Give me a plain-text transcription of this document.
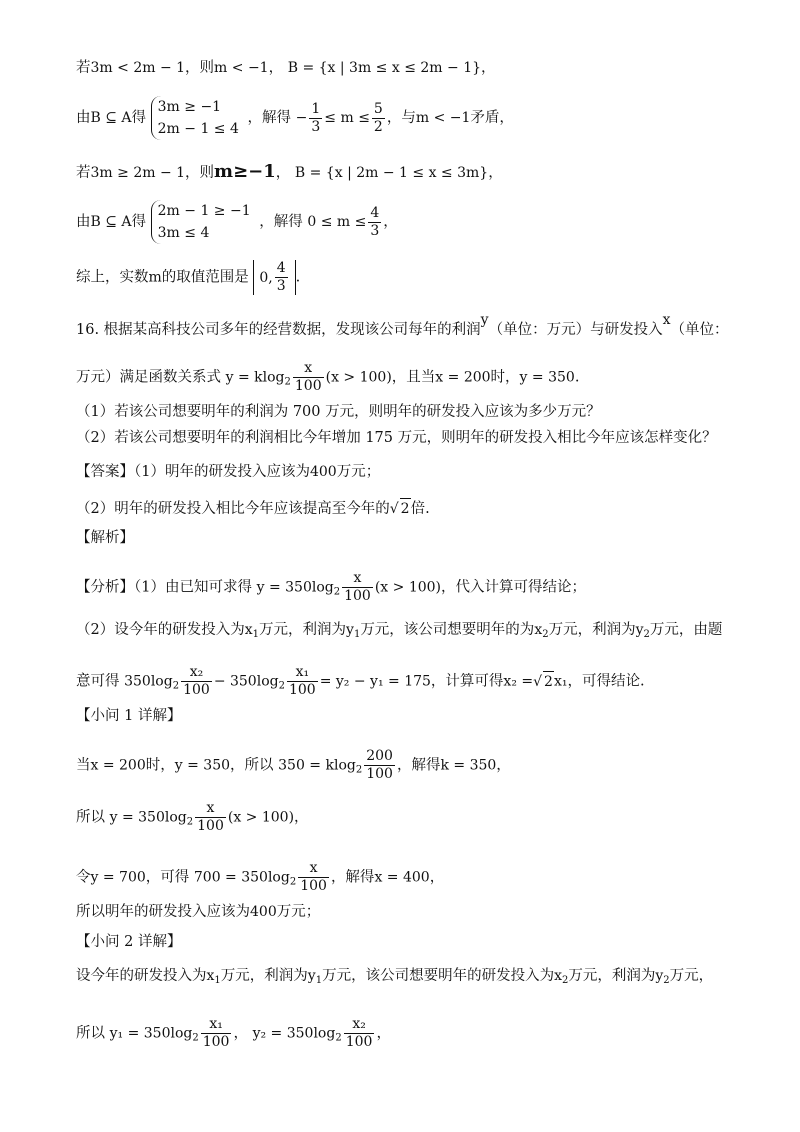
若3m < 2m − 1，则m < −1， B = {x | 3m ≤ x ≤ 2m − 1}，
由B ⊆ A得 3m ≥ −1
2m − 1 ≤ 4 ，解得 − $\frac{1}{3} \le m \le \frac{5}{2}$ ，与m < −1矛盾，
若3m ≥ 2m − 1，则m≥−1， B = {x | 2m − 1 ≤ x ≤ 3m}，
由B ⊆ A得 2m − 1 ≥ −1
3m ≤ 4 ，解得 $0 \le m \le \frac{4}{3}$ ，
综上，实数m的取值范围是 0, $\frac{4}{3}$ .
16. 根据某高科技公司多年的经营数据，发现该公司每年的利润y（单位：万元）与研发投入x（单位：
万元）满足函数关系式 $y = klog_2 \frac{x}{100} (x > 100)$，且当x = 200时，y = 350.
（1）若该公司想要明年的利润为 700 万元，则明年的研发投入应该为多少万元？
（2）若该公司想要明年的利润相比今年增加 175 万元，则明年的研发投入相比今年应该怎样变化？
【答案】（1）明年的研发投入应该为400万元；
（2）明年的研发投入相比今年应该提高至今年的√ 2倍.
【解析】
【分析】（1）由已知可求得 $y = 350\log_2 \frac{x}{100} (x > 100)$，代入计算可得结论；
（2）设今年的研发投入为$x_1$万元，利润为$y_1$万元，该公司想要明年的为$x_2$万元，利润为$y_2$万元，由题
意可得 $350\log_2 \frac{\text{x₂}}{100} - 350\log_2 \frac{\text{x₁}}{100} = y_2 - y_1 = 175$，计算可得x₂ =√ 2x₁，可得结论.
【小问 1 详解】
当x = 200时，y = 350，所以 $350 = klog_2 \frac{200}{100}$ ，解得k = 350，
所以 $y = 350\log_2 \frac{x}{100} (x > 100)$，
令y = 700，可得 $700 = 350\log_2 \frac{x}{100}$ ，解得x = 400，
所以明年的研发投入应该为400万元；
【小问 2 详解】
设今年的研发投入为$x_1$万元，利润为$y_1$万元，该公司想要明年的研发投入为$x_2$万元，利润为$y_2$万元，
所以 $y_1 = 350\log_2 \frac{\text{x₁}}{100}$ ， $y_2 = 350\log_2 \frac{\text{x₂}}{100}$ ，
